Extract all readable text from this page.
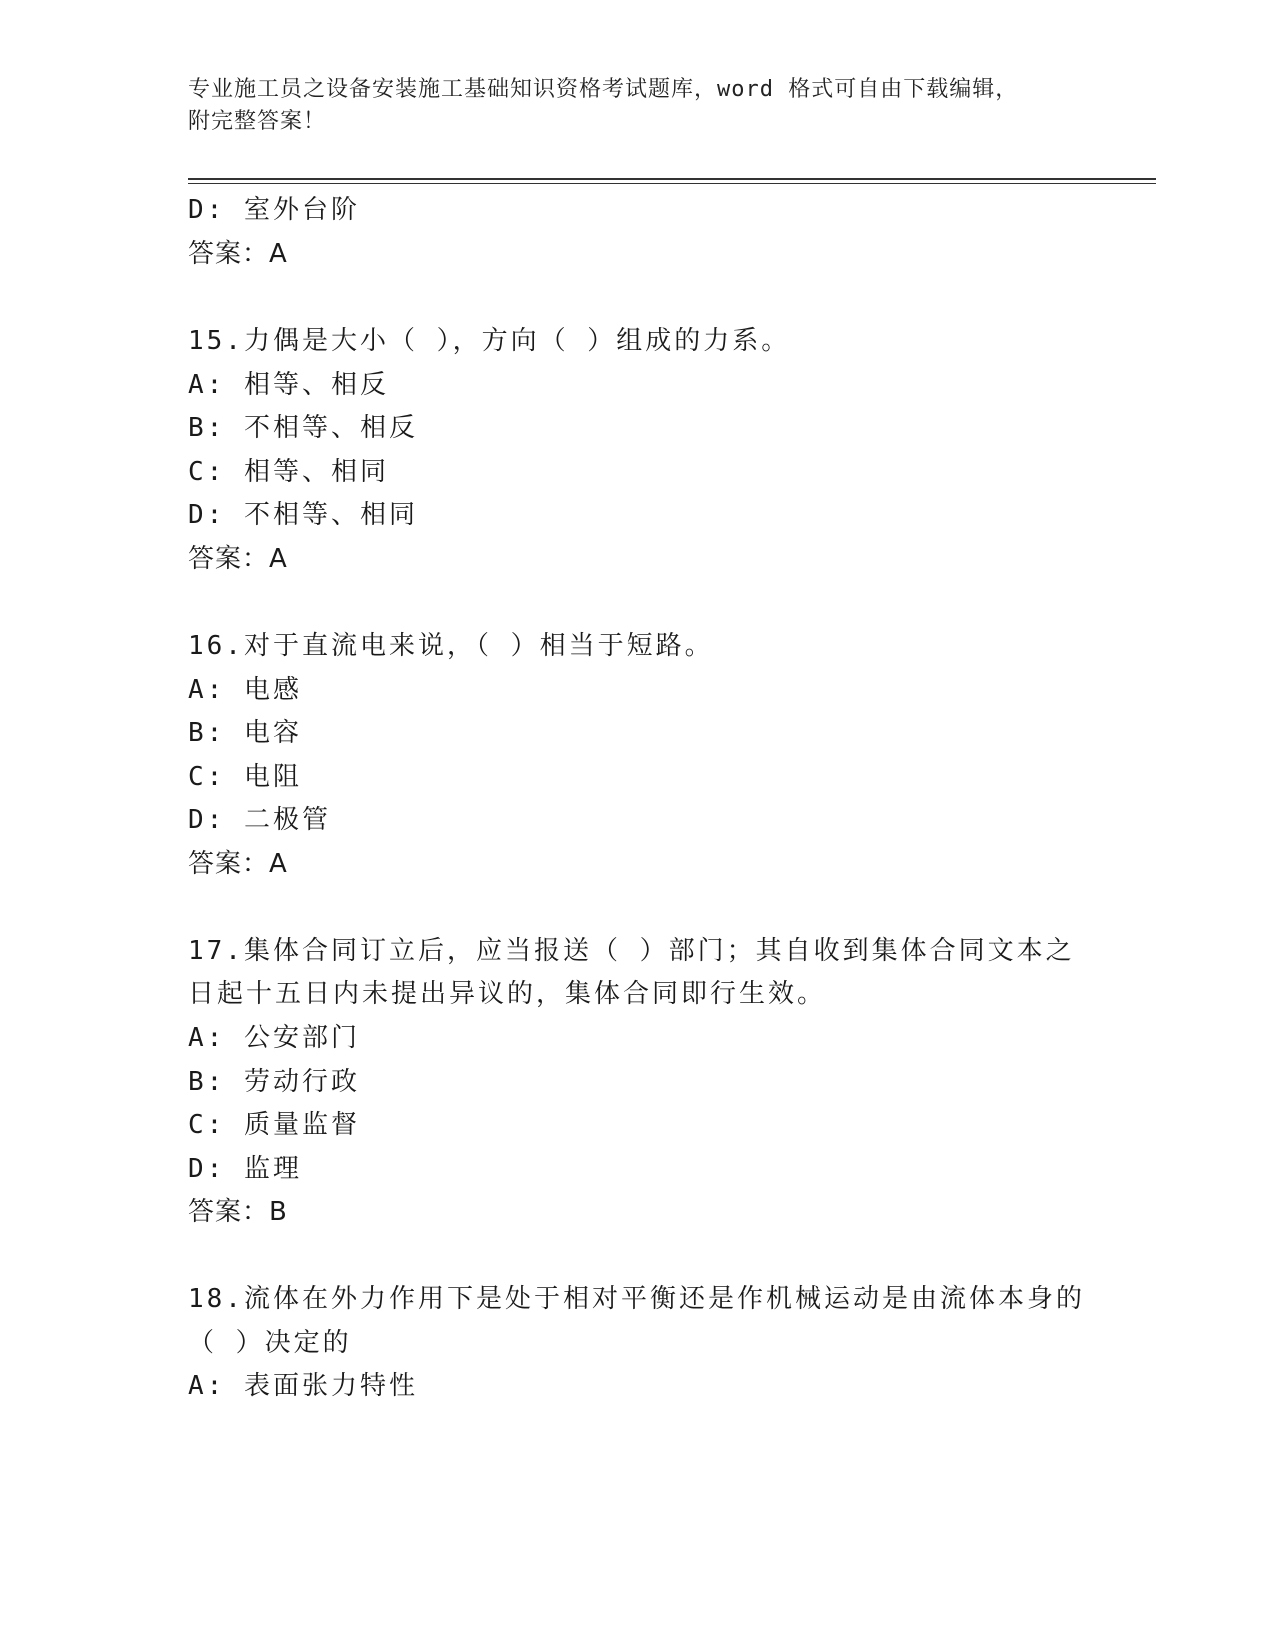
专业施工员之设备安装施工基础知识资格考试题库，word 格式可自由下载编辑，
附完整答案！
D: 室外台阶
答案：A
15.力偶是大小（ ），方向（ ）组成的力系。
A: 相等、相反
B: 不相等、相反
C: 相等、相同
D: 不相等、相同
答案：A
16.对于直流电来说，（ ）相当于短路。
A: 电感
B: 电容
C: 电阻
D: 二极管
答案：A
17.集体合同订立后，应当报送（ ）部门；其自收到集体合同文本之
日起十五日内未提出异议的，集体合同即行生效。
A: 公安部门
B: 劳动行政
C: 质量监督
D: 监理
答案：B
18.流体在外力作用下是处于相对平衡还是作机械运动是由流体本身的
（ ）决定的
A: 表面张力特性
